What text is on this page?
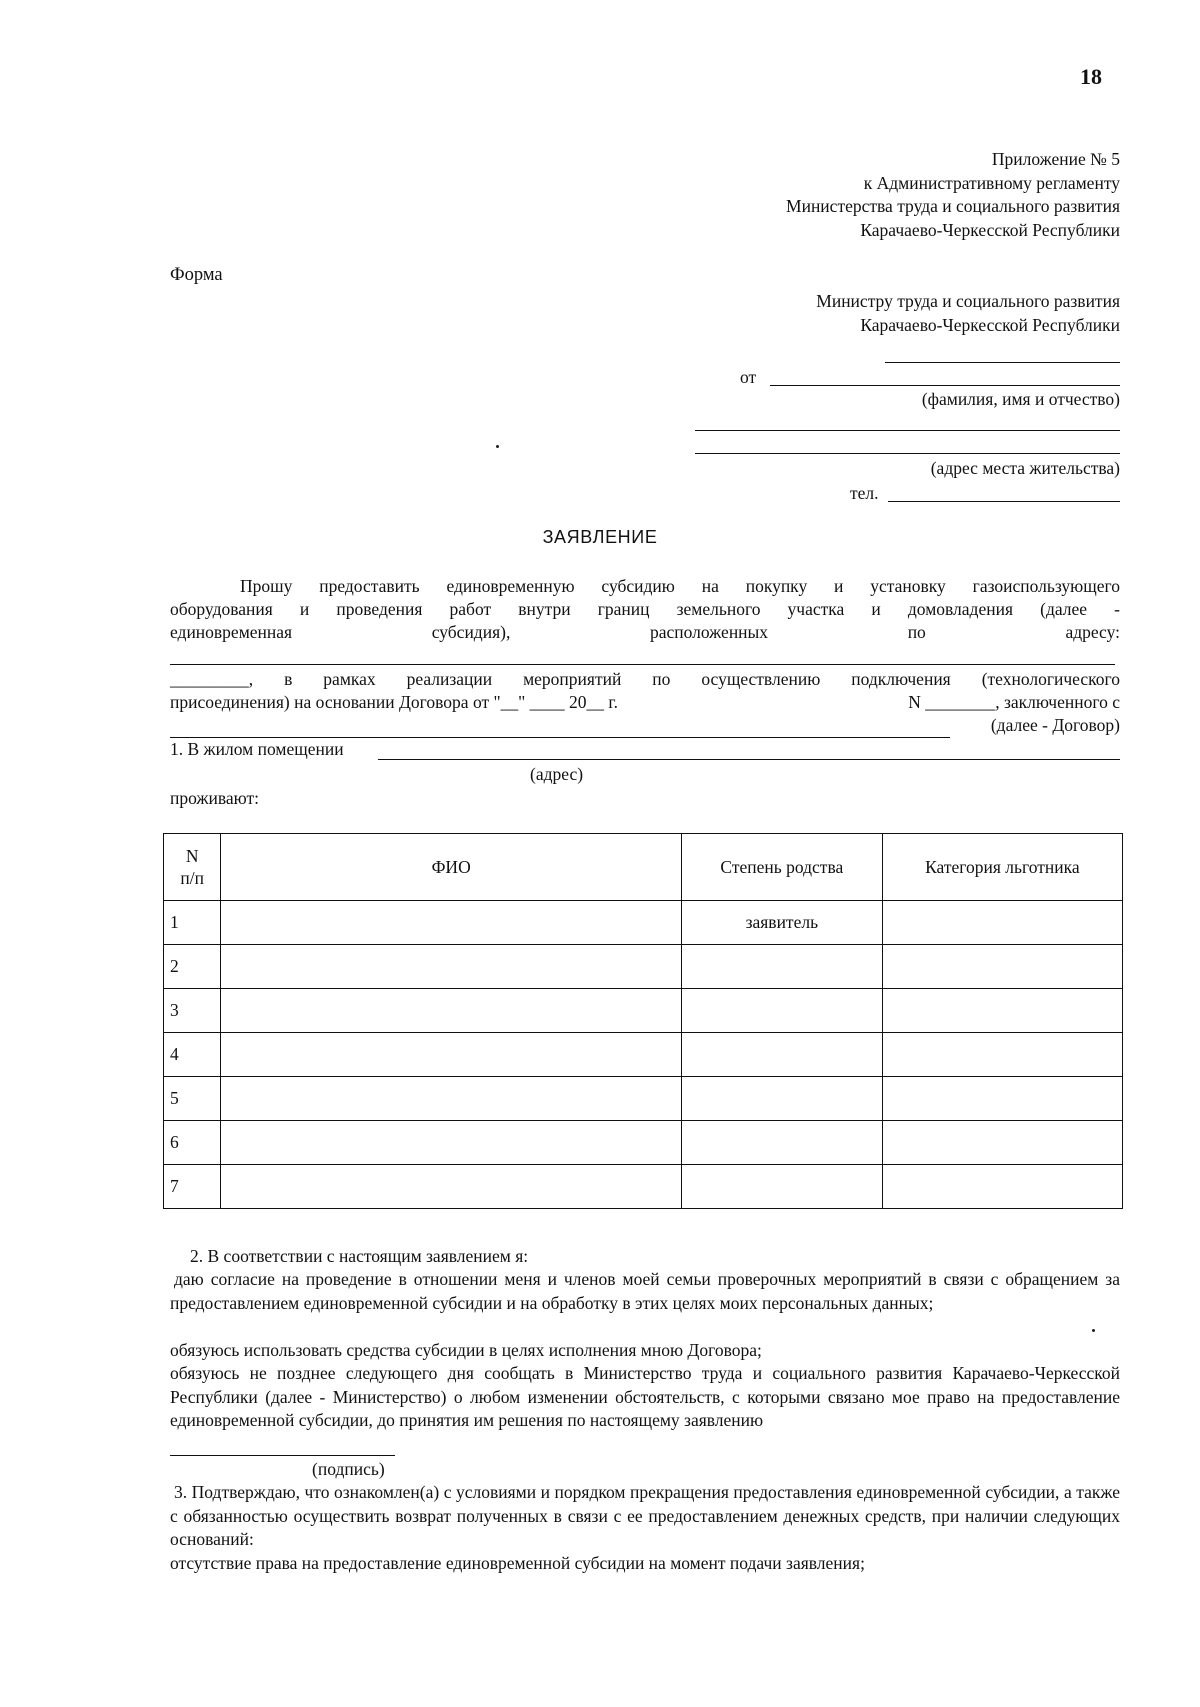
18
Приложение № 5
к Административному регламенту
Министерства труда и социального развития
Карачаево-Черкесской Республики
Форма
Министру труда и социального развития
Карачаево-Черкесской Республики
от
(фамилия, имя и отчество)
(адрес места жительства)
тел.
ЗАЯВЛЕНИЕ
Прошу предоставить единовременную субсидию на покупку и установку газоиспользующего
оборудования и проведения работ внутри границ земельного участка и домовладения (далее -
единовременная	субсидия),	расположенных	по	адресу:
_________, в рамках реализации мероприятий по осуществлению подключения (технологического
присоединения) на основании Договора от "__" ____ 20__ г.	N ________, заключенного с
(далее - Договор)
1. В жилом помещении
(адрес)
проживают:
N
п/п	ФИО	Степень родства	Категория льготника
1		заявитель	
2			
3			
4			
5			
6			
7			
2. В соответствии с настоящим заявлением я:
даю согласие на проведение в отношении меня и членов моей семьи проверочных мероприятий в связи с обращением за предоставлением единовременной субсидии и на обработку в этих целях моих персональных данных;
обязуюсь использовать средства субсидии в целях исполнения мною Договора;
обязуюсь не позднее следующего дня сообщать в Министерство труда и социального развития Карачаево-Черкесской Республики (далее - Министерство) о любом изменении обстоятельств, с которыми связано мое право на предоставление единовременной субсидии, до принятия им решения по настоящему заявлению
(подпись)
3. Подтверждаю, что ознакомлен(а) с условиями и порядком прекращения предоставления единовременной субсидии, а также с обязанностью осуществить возврат полученных в связи с ее предоставлением денежных средств, при наличии следующих оснований:
отсутствие права на предоставление единовременной субсидии на момент подачи заявления;
